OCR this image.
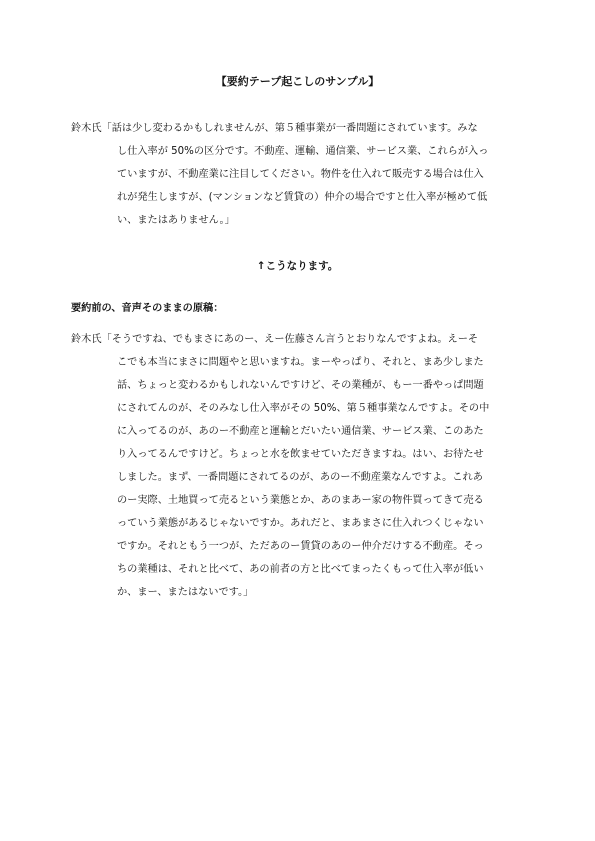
【要約テープ起こしのサンプル】
鈴木氏「話は少し変わるかもしれませんが、第５種事業が一番問題にされています。みな
し仕入率が 50%の区分です。不動産、運輸、通信業、サービス業、これらが入っ
ていますが、不動産業に注目してください。物件を仕入れて販売する場合は仕入
れが発生しますが、(マンションなど賃貸の）仲介の場合ですと仕入率が極めて低
い、またはありません。」
↑こうなります。
要約前の、音声そのままの原稿：
鈴木氏「そうですね、でもまさにあのー、えー佐藤さん言うとおりなんですよね。えーそ
こでも本当にまさに問題やと思いますね。まーやっぱり、それと、まあ少しまた
話、ちょっと変わるかもしれないんですけど、その業種が、もー一番やっぱ問題
にされてんのが、そのみなし仕入率がその 50%、第５種事業なんですよ。その中
に入ってるのが、あのー不動産と運輸とだいたい通信業、サービス業、このあた
り入ってるんですけど。ちょっと水を飲ませていただきますね。はい、お待たせ
しました。まず、一番問題にされてるのが、あのー不動産業なんですよ。これあ
のー実際、土地買って売るという業態とか、あのまあー家の物件買ってきて売る
っていう業態があるじゃないですか。あれだと、まあまさに仕入れつくじゃない
ですか。それともう一つが、ただあのー賃貸のあのー仲介だけする不動産。そっ
ちの業種は、それと比べて、あの前者の方と比べてまったくもって仕入率が低い
か、まー、またはないです。」
